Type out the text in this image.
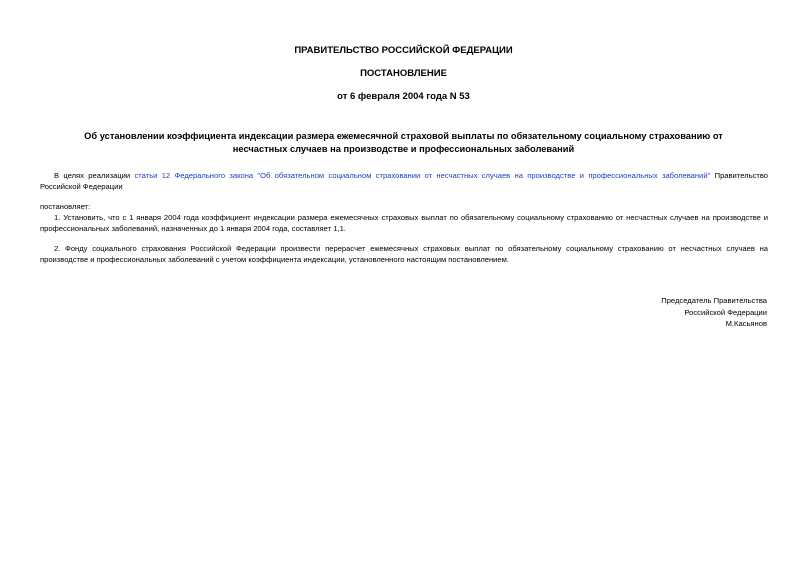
ПРАВИТЕЛЬСТВО РОССИЙСКОЙ ФЕДЕРАЦИИ
ПОСТАНОВЛЕНИЕ
от 6 февраля 2004 года N 53
Об установлении коэффициента индексации размера ежемесячной страховой выплаты по обязательному социальному страхованию от несчастных случаев на производстве и профессиональных заболеваний
В целях реализации статьи 12 Федерального закона "Об обязательном социальном страховании от несчастных случаев на производстве и профессиональных заболеваний" Правительство Российской Федерации
постановляет:
1. Установить, что с 1 января 2004 года коэффициент индексации размера ежемесячных страховых выплат по обязательному социальному страхованию от несчастных случаев на производстве и профессиональных заболеваний, назначенных до 1 января 2004 года, составляет 1,1.
2. Фонду социального страхования Российской Федерации произвести перерасчет ежемесячных страховых выплат по обязательному социальному страхованию от несчастных случаев на производстве и профессиональных заболеваний с учетом коэффициента индексации, установленного настоящим постановлением.
Председатель Правительства
Российской Федерации
М.Касьянов
